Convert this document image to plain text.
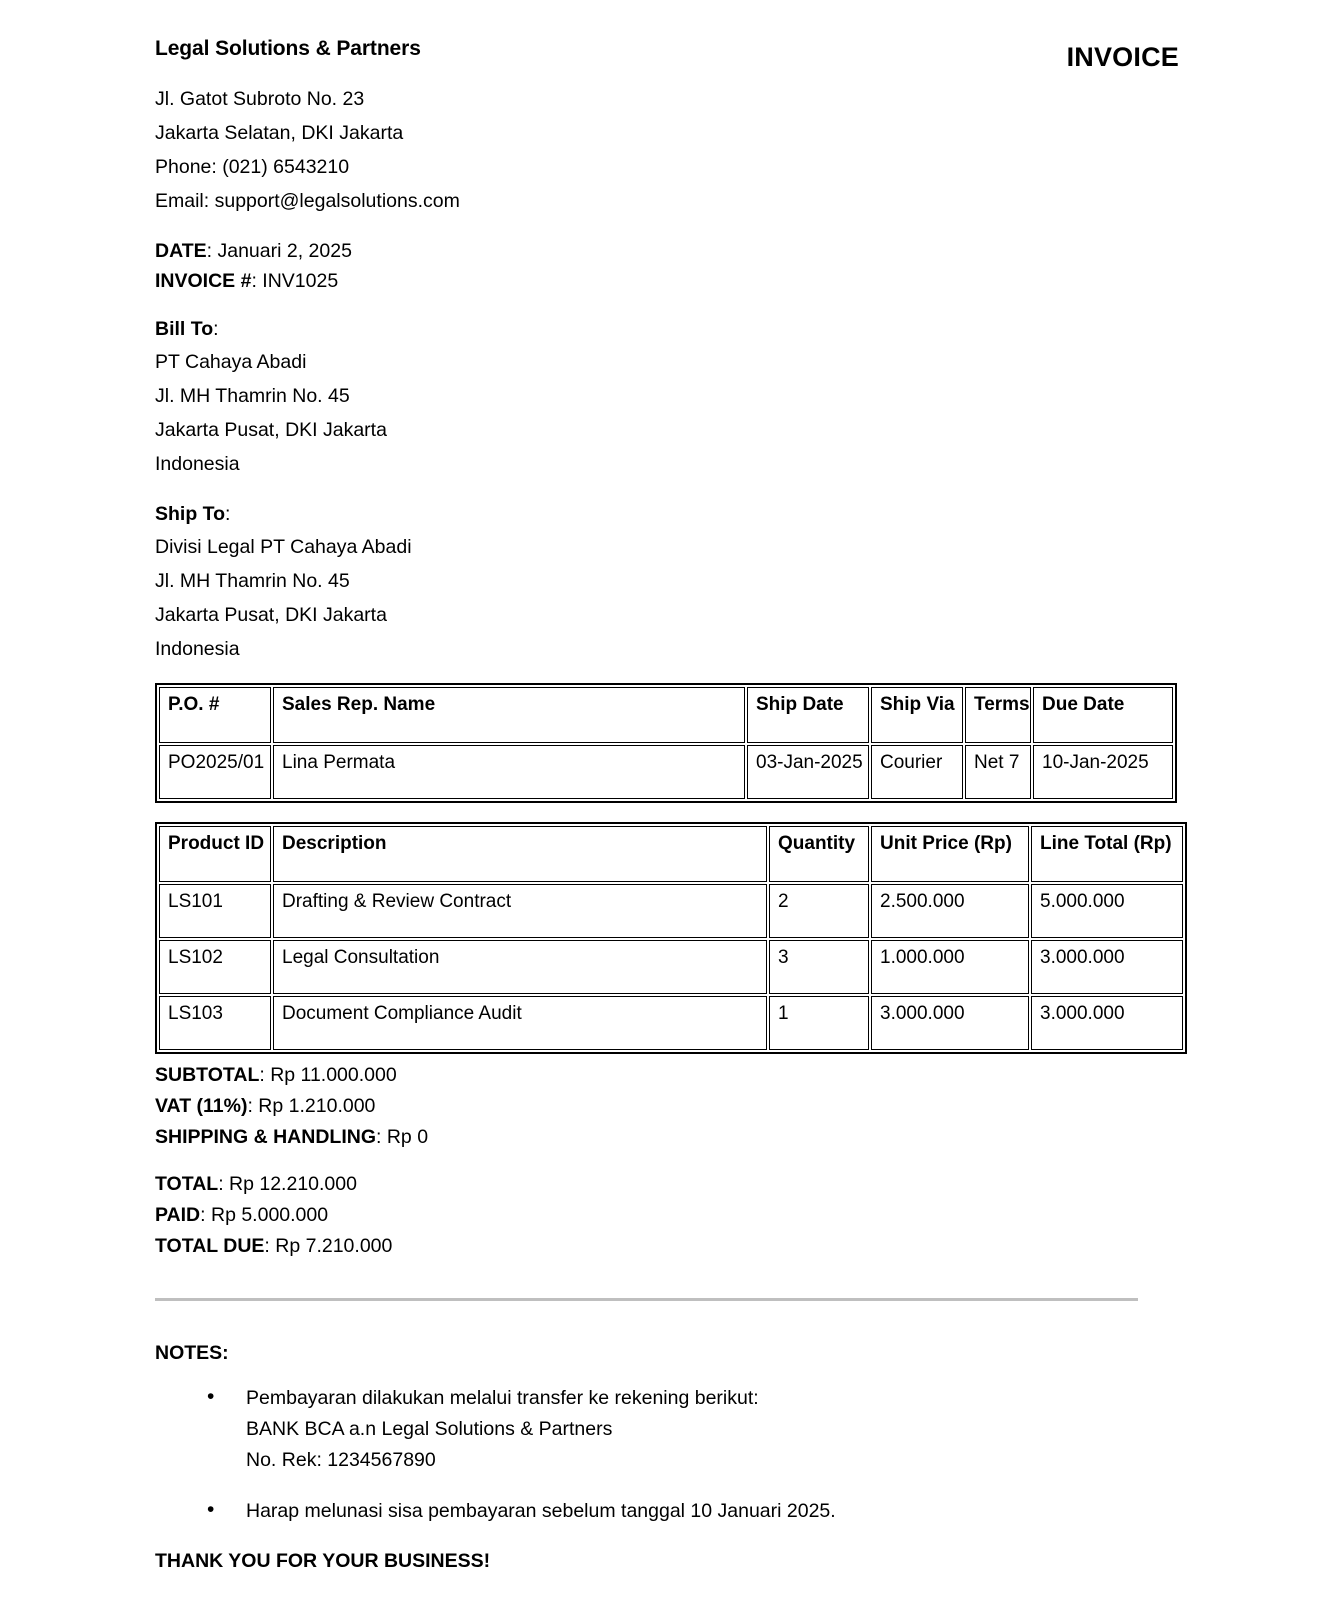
Legal Solutions & Partners	INVOICE
Jl. Gatot Subroto No. 23
Jakarta Selatan, DKI Jakarta
Phone: (021) 6543210
Email: support@legalsolutions.com
DATE: Januari 2, 2025
INVOICE #: INV1025
Bill To:
PT Cahaya Abadi
Jl. MH Thamrin No. 45
Jakarta Pusat, DKI Jakarta
Indonesia
Ship To:
Divisi Legal PT Cahaya Abadi
Jl. MH Thamrin No. 45
Jakarta Pusat, DKI Jakarta
Indonesia
P.O. #	Sales Rep. Name	Ship Date	Ship Via	Terms	Due Date
PO2025/01	Lina Permata	03-Jan-2025	Courier	Net 7	10-Jan-2025
Product ID	Description	Quantity	Unit Price (Rp)	Line Total (Rp)
LS101	Drafting & Review Contract	2	2.500.000	5.000.000
LS102	Legal Consultation	3	1.000.000	3.000.000
LS103	Document Compliance Audit	1	3.000.000	3.000.000
SUBTOTAL: Rp 11.000.000
VAT (11%): Rp 1.210.000
SHIPPING & HANDLING: Rp 0
TOTAL: Rp 12.210.000
PAID: Rp 5.000.000
TOTAL DUE: Rp 7.210.000
NOTES:
• Pembayaran dilakukan melalui transfer ke rekening berikut:
BANK BCA a.n Legal Solutions & Partners
No. Rek: 1234567890
• Harap melunasi sisa pembayaran sebelum tanggal 10 Januari 2025.
THANK YOU FOR YOUR BUSINESS!
